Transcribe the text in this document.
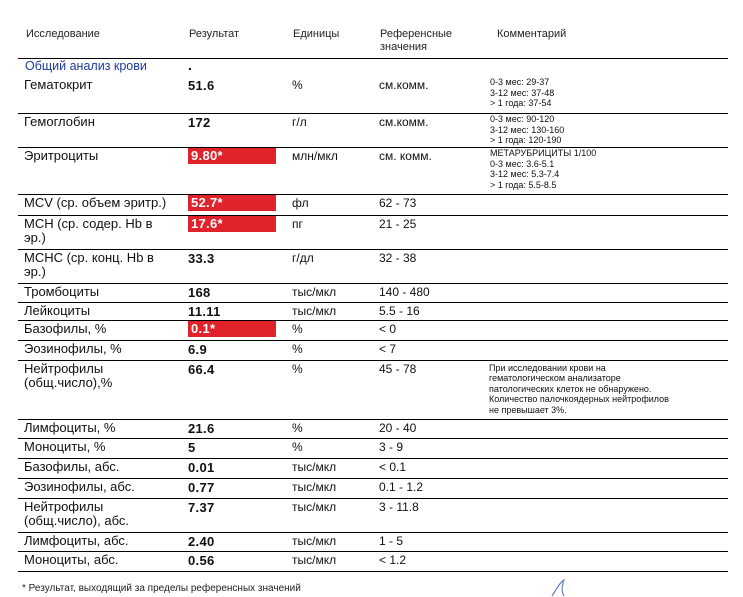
Исследование	Результат	Единицы	Референсные
значения
Комментарий
Общий анализ крови	.
Гематокрит	51.6	%	см.комм.	0-3 мес: 29-37
3-12 мес: 37-48
> 1 года: 37-54
Гемоглобин	172	г/л	см.комм.	0-3 мес: 90-120
3-12 мес: 130-160
> 1 года: 120-190
Эритроциты	9.80*	млн/мкл	см. комм.	МЕТАРУБРИЦИТЫ 1/100
0-3 мес: 3.6-5.1
3-12 мес: 5.3-7.4
> 1 года: 5.5-8.5
MCV (ср. объем эритр.) 52.7*	фл	62 - 73
MCH (ср. содер. Hb в
эр.)
17.6*	пг	21 - 25
MCHC (ср. конц. Hb в
эр.)
33.3	г/дл	32 - 38
Тромбоциты	168	тыс/мкл	140 - 480
Лейкоциты	11.11	тыс/мкл	5.5 - 16
Базофилы, %	0.1*	%	< 0
Эозинофилы, %	6.9	%	< 7
Нейтрофилы
(общ.число),%
66.4	%	45 - 78	При исследовании крови на
гематологическом анализаторе
патологических клеток не обнаружено.
Количество палочкоядерных нейтрофилов
не превышает 3%.
Лимфоциты, %	21.6	%	20 - 40
Моноциты, %	5	%	3 - 9
Базофилы, абс.	0.01	тыс/мкл	< 0.1
Эозинофилы, абс.	0.77	тыс/мкл	0.1 - 1.2
Нейтрофилы
(общ.число), абс.
7.37	тыс/мкл	3 - 11.8
Лимфоциты, абс.	2.40	тыс/мкл	1 - 5
Моноциты, абс.	0.56	тыс/мкл	< 1.2
* Результат, выходящий за пределы референсных значений
